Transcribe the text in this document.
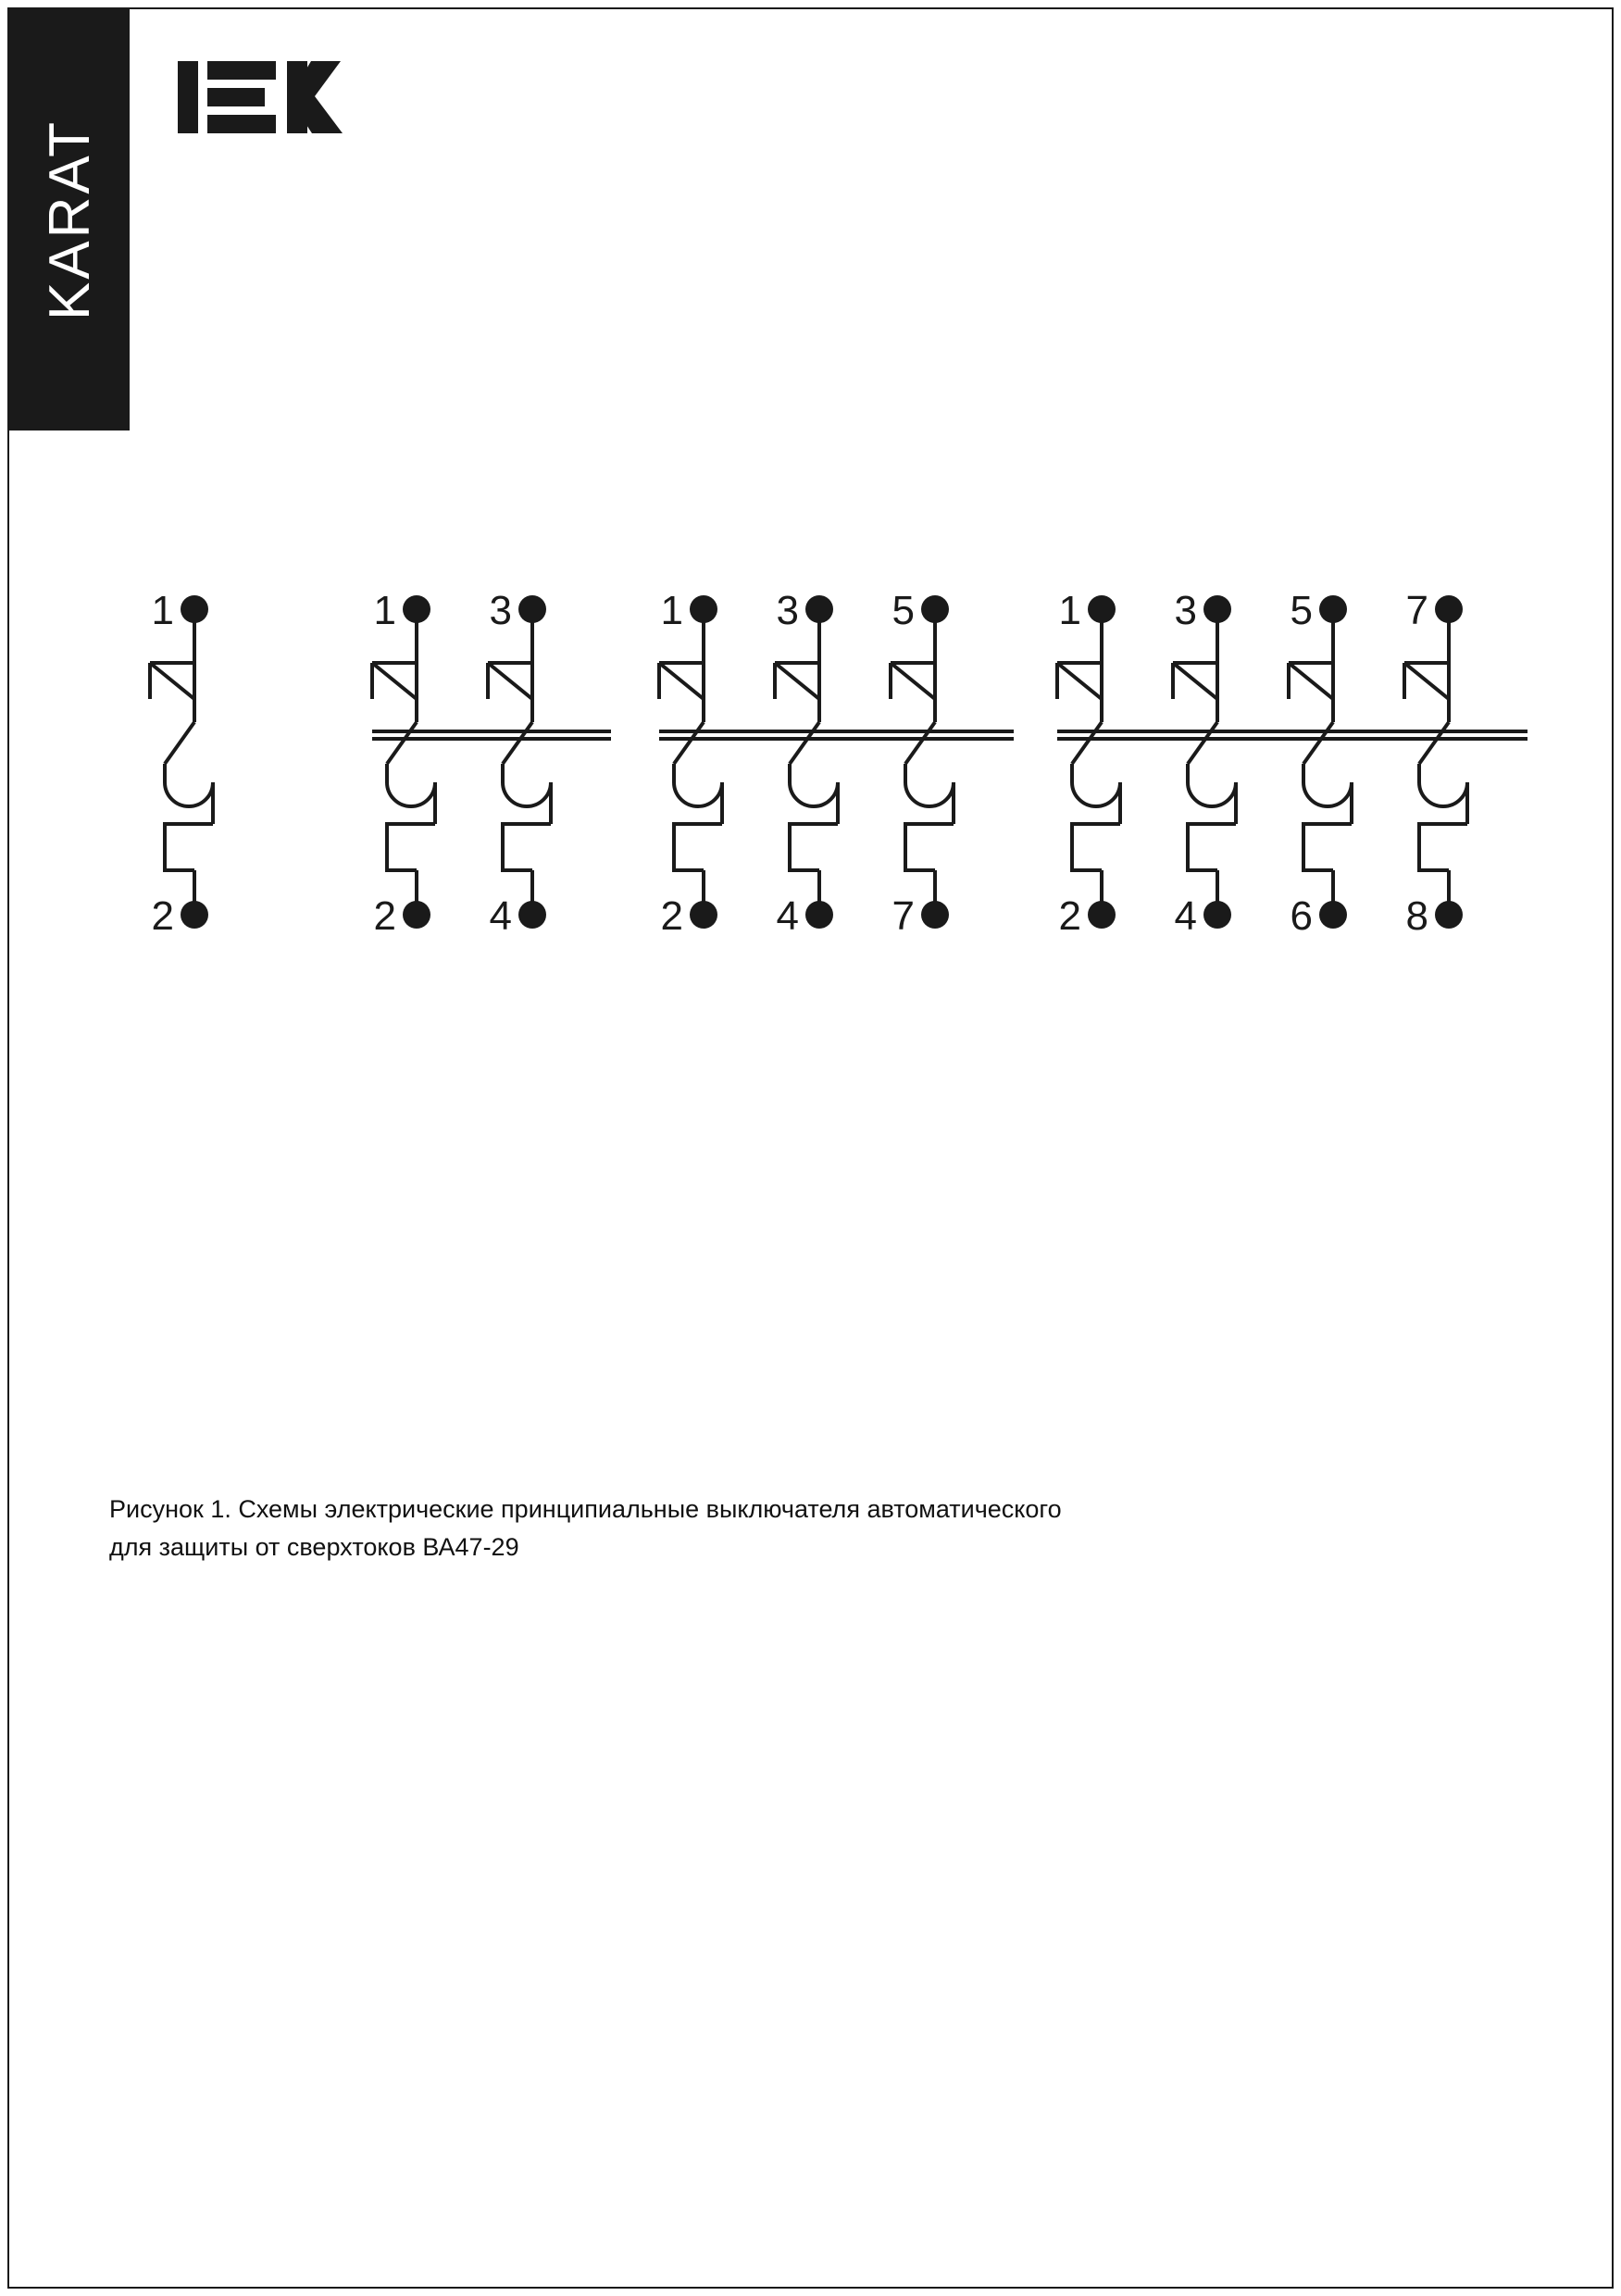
KARAT
1	1 3	1 3 5	1 3 5 7
2	2 4	2 4 7	2 4 6 8
Рисунок 1. Схемы электрические принципиальные выключателя автоматического
для защиты от сверхтоков ВА47-29
